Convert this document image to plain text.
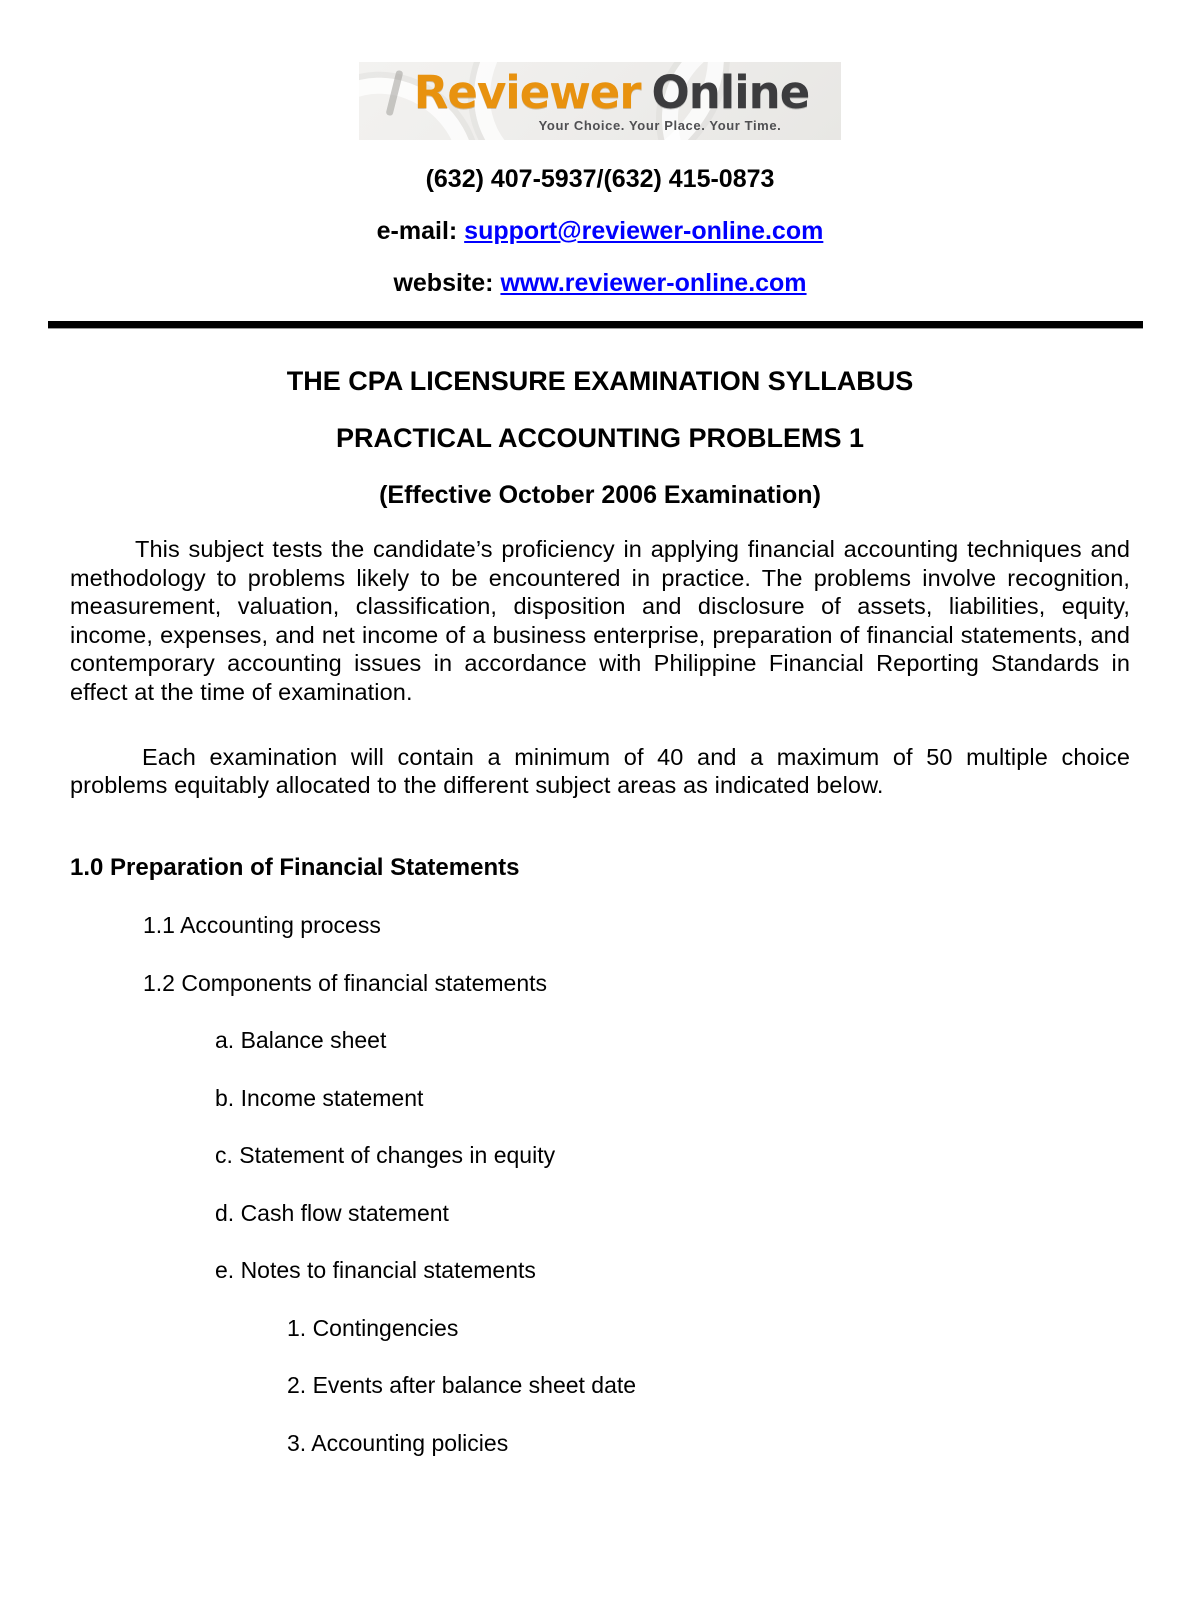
Reviewer Online
Your Choice. Your Place. Your Time.
(632) 407-5937/(632) 415-0873
e-mail: support@reviewer-online.com
website: www.reviewer-online.com
THE CPA LICENSURE EXAMINATION SYLLABUS
PRACTICAL ACCOUNTING PROBLEMS 1
(Effective October 2006 Examination)

This subject tests the candidate’s proficiency in applying financial accounting techniques and methodology to problems likely to be encountered in practice. The problems involve recognition, measurement, valuation, classification, disposition and disclosure of assets, liabilities, equity, income, expenses, and net income of a business enterprise, preparation of financial statements, and contemporary accounting issues in accordance with Philippine Financial Reporting Standards in effect at the time of examination.

Each examination will contain a minimum of 40 and a maximum of 50 multiple choice problems equitably allocated to the different subject areas as indicated below.

1.0 Preparation of Financial Statements
1.1 Accounting process
1.2 Components of financial statements
a. Balance sheet
b. Income statement
c. Statement of changes in equity
d. Cash flow statement
e. Notes to financial statements
1. Contingencies
2. Events after balance sheet date
3. Accounting policies
